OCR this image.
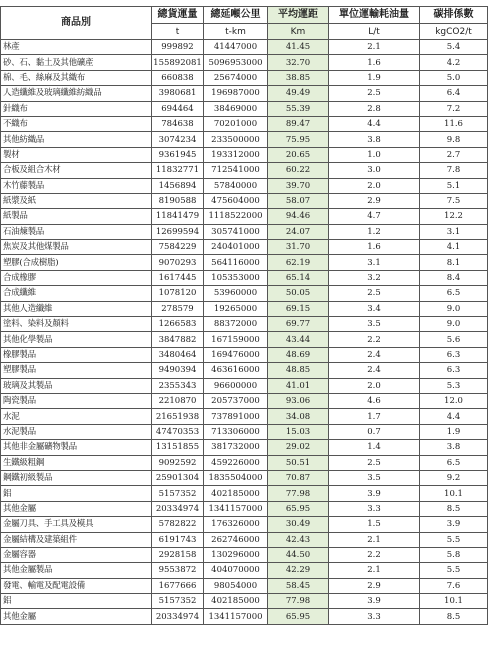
商品別	總貨運量	總延噸公里	平均運距	單位運輸耗油量	碳排係數
	t	t-km	Km	L/t	kgCO2/t
林產	999892	41447000	41.45	2.1	5.4
砂、石、黏土及其他礦產	155892081	5096953000	32.70	1.6	4.2
棉、毛、絲麻及其織布	660838	25674000	38.85	1.9	5.0
人造纖維及玻璃纖維紡織品	3980681	196987000	49.49	2.5	6.4
針織布	694464	38469000	55.39	2.8	7.2
不織布	784638	70201000	89.47	4.4	11.6
其他紡織品	3074234	233500000	75.95	3.8	9.8
製材	9361945	193312000	20.65	1.0	2.7
合板及組合木材	11832771	712541000	60.22	3.0	7.8
木竹藤製品	1456894	57840000	39.70	2.0	5.1
紙漿及紙	8190588	475604000	58.07	2.9	7.5
紙製品	11841479	1118522000	94.46	4.7	12.2
石油煉製品	12699594	305741000	24.07	1.2	3.1
焦炭及其他煤製品	7584229	240401000	31.70	1.6	4.1
塑膠(合成樹脂)	9070293	564116000	62.19	3.1	8.1
合成橡膠	1617445	105353000	65.14	3.2	8.4
合成纖維	1078120	53960000	50.05	2.5	6.5
其他人造纖維	278579	19265000	69.15	3.4	9.0
塗料、染料及顏料	1266583	88372000	69.77	3.5	9.0
其他化學製品	3847882	167159000	43.44	2.2	5.6
橡膠製品	3480464	169476000	48.69	2.4	6.3
塑膠製品	9490394	463616000	48.85	2.4	6.3
玻璃及其製品	2355343	96600000	41.01	2.0	5.3
陶瓷製品	2210870	205737000	93.06	4.6	12.0
水泥	21651938	737891000	34.08	1.7	4.4
水泥製品	47470353	713306000	15.03	0.7	1.9
其他非金屬礦物製品	13151855	381732000	29.02	1.4	3.8
生鐵級粗鋼	9092592	459226000	50.51	2.5	6.5
鋼鐵初級製品	25901304	1835504000	70.87	3.5	9.2
鋁	5157352	402185000	77.98	3.9	10.1
其他金屬	20334974	1341157000	65.95	3.3	8.5
金屬刀具、手工具及模具	5782822	176326000	30.49	1.5	3.9
金屬結構及建築組件	6191743	262746000	42.43	2.1	5.5
金屬容器	2928158	130296000	44.50	2.2	5.8
其他金屬製品	9553872	404070000	42.29	2.1	5.5
發電、輸電及配電設備	1677666	98054000	58.45	2.9	7.6
鋁	5157352	402185000	77.98	3.9	10.1
其他金屬	20334974	1341157000	65.95	3.3	8.5
